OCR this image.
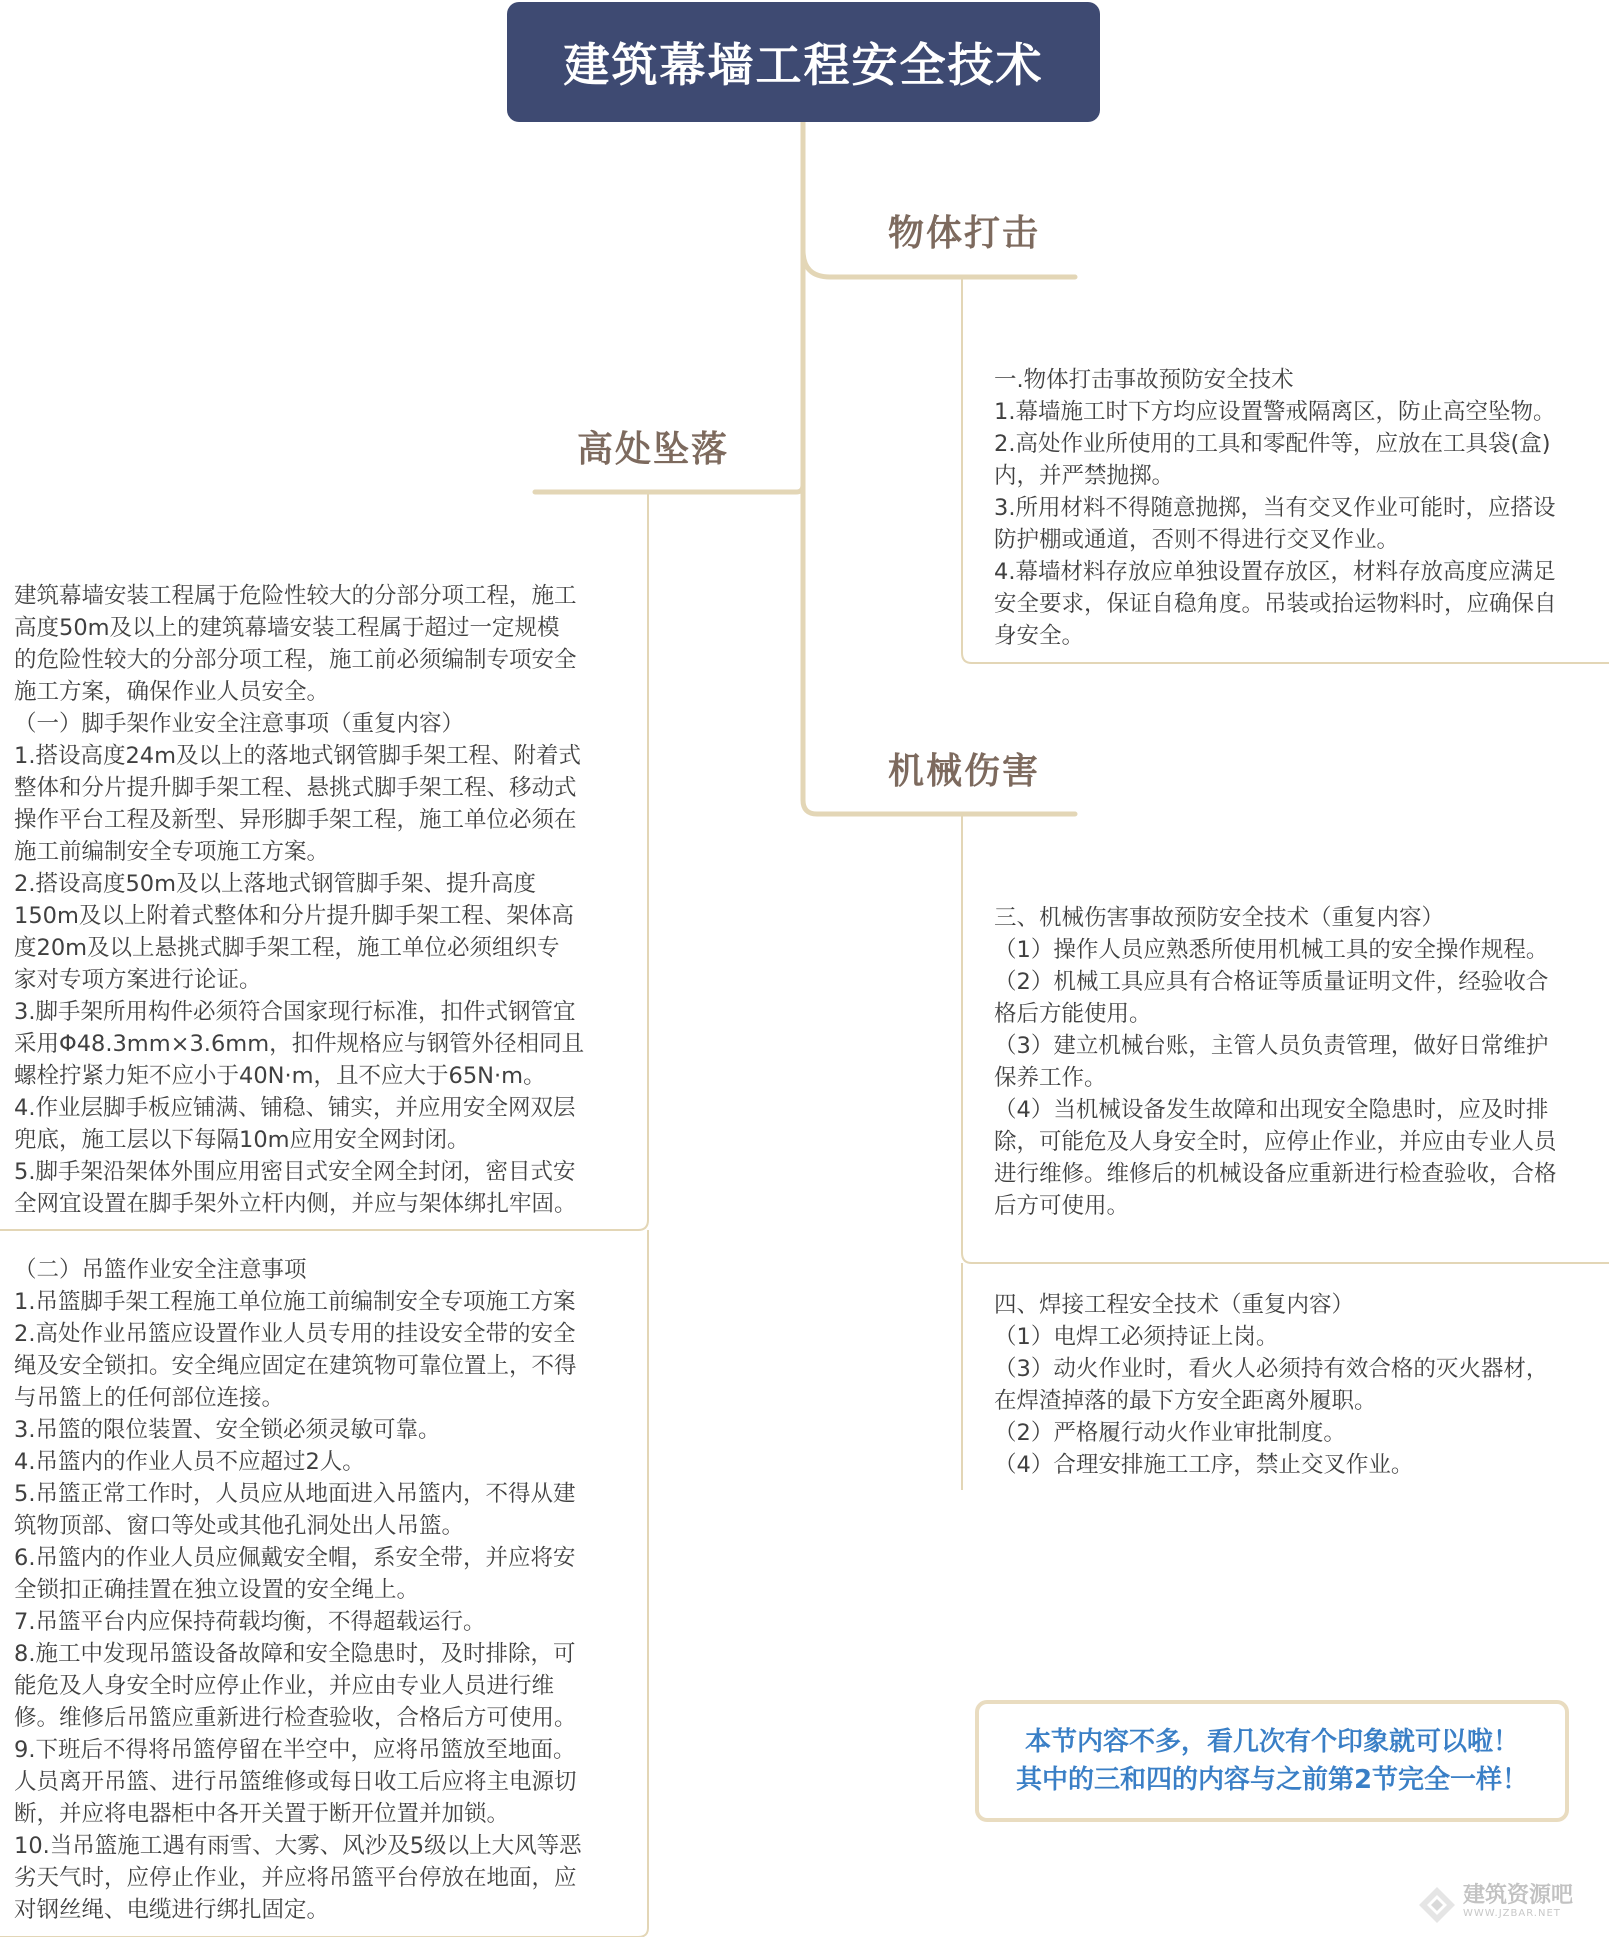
建筑幕墙工程安全技术
物体打击
机械伤害
高处坠落
一.物体打击事故预防安全技术
1.幕墙施工时下方均应设置警戒隔离区，防止高空坠物。
2.高处作业所使用的工具和零配件等，应放在工具袋(盒)
内，并严禁抛掷。
3.所用材料不得随意抛掷，当有交叉作业可能时，应搭设
防护棚或通道，否则不得进行交叉作业。
4.幕墙材料存放应单独设置存放区，材料存放高度应满足
安全要求，保证自稳角度。吊装或抬运物料时，应确保自
身安全。
三、机械伤害事故预防安全技术（重复内容）
（1）操作人员应熟悉所使用机械工具的安全操作规程。
（2）机械工具应具有合格证等质量证明文件，经验收合
格后方能使用。
（3）建立机械台账，主管人员负责管理，做好日常维护
保养工作。
（4）当机械设备发生故障和出现安全隐患时，应及时排
除，可能危及人身安全时，应停止作业，并应由专业人员
进行维修。维修后的机械设备应重新进行检查验收，合格
后方可使用。
四、焊接工程安全技术（重复内容）
（1）电焊工必须持证上岗。
（3）动火作业时，看火人必须持有效合格的灭火器材，
在焊渣掉落的最下方安全距离外履职。
（2）严格履行动火作业审批制度。
（4）合理安排施工工序，禁止交叉作业。
建筑幕墙安装工程属于危险性较大的分部分项工程，施工
高度50m及以上的建筑幕墙安装工程属于超过一定规模
的危险性较大的分部分项工程，施工前必须编制专项安全
施工方案，确保作业人员安全。
（一）脚手架作业安全注意事项（重复内容）
1.搭设高度24m及以上的落地式钢管脚手架工程、附着式
整体和分片提升脚手架工程、悬挑式脚手架工程、移动式
操作平台工程及新型、异形脚手架工程，施工单位必须在
施工前编制安全专项施工方案。
2.搭设高度50m及以上落地式钢管脚手架、提升高度
150m及以上附着式整体和分片提升脚手架工程、架体高
度20m及以上悬挑式脚手架工程，施工单位必须组织专
家对专项方案进行论证。
3.脚手架所用构件必须符合国家现行标准，扣件式钢管宜
采用Φ48.3mm×3.6mm，扣件规格应与钢管外径相同且
螺栓拧紧力矩不应小于40N·m，且不应大于65N·m。
4.作业层脚手板应铺满、铺稳、铺实，并应用安全网双层
兜底，施工层以下每隔10m应用安全网封闭。
5.脚手架沿架体外围应用密目式安全网全封闭，密目式安
全网宜设置在脚手架外立杆内侧，并应与架体绑扎牢固。
（二）吊篮作业安全注意事项
1.吊篮脚手架工程施工单位施工前编制安全专项施工方案
2.高处作业吊篮应设置作业人员专用的挂设安全带的安全
绳及安全锁扣。安全绳应固定在建筑物可靠位置上，不得
与吊篮上的任何部位连接。
3.吊篮的限位装置、安全锁必须灵敏可靠。
4.吊篮内的作业人员不应超过2人。
5.吊篮正常工作时，人员应从地面进入吊篮内，不得从建
筑物顶部、窗口等处或其他孔洞处出人吊篮。
6.吊篮内的作业人员应佩戴安全帽，系安全带，并应将安
全锁扣正确挂置在独立设置的安全绳上。
7.吊篮平台内应保持荷载均衡，不得超载运行。
8.施工中发现吊篮设备故障和安全隐患时，及时排除，可
能危及人身安全时应停止作业，并应由专业人员进行维
修。维修后吊篮应重新进行检查验收，合格后方可使用。
9.下班后不得将吊篮停留在半空中，应将吊篮放至地面。
人员离开吊篮、进行吊篮维修或每日收工后应将主电源切
断，并应将电器柜中各开关置于断开位置并加锁。
10.当吊篮施工遇有雨雪、大雾、风沙及5级以上大风等恶
劣天气时，应停止作业，并应将吊篮平台停放在地面，应
对钢丝绳、电缆进行绑扎固定。
本节内容不多，看几次有个印象就可以啦！
其中的三和四的内容与之前第2节完全一样！
建筑资源吧
WWW.JZBAR.NET
